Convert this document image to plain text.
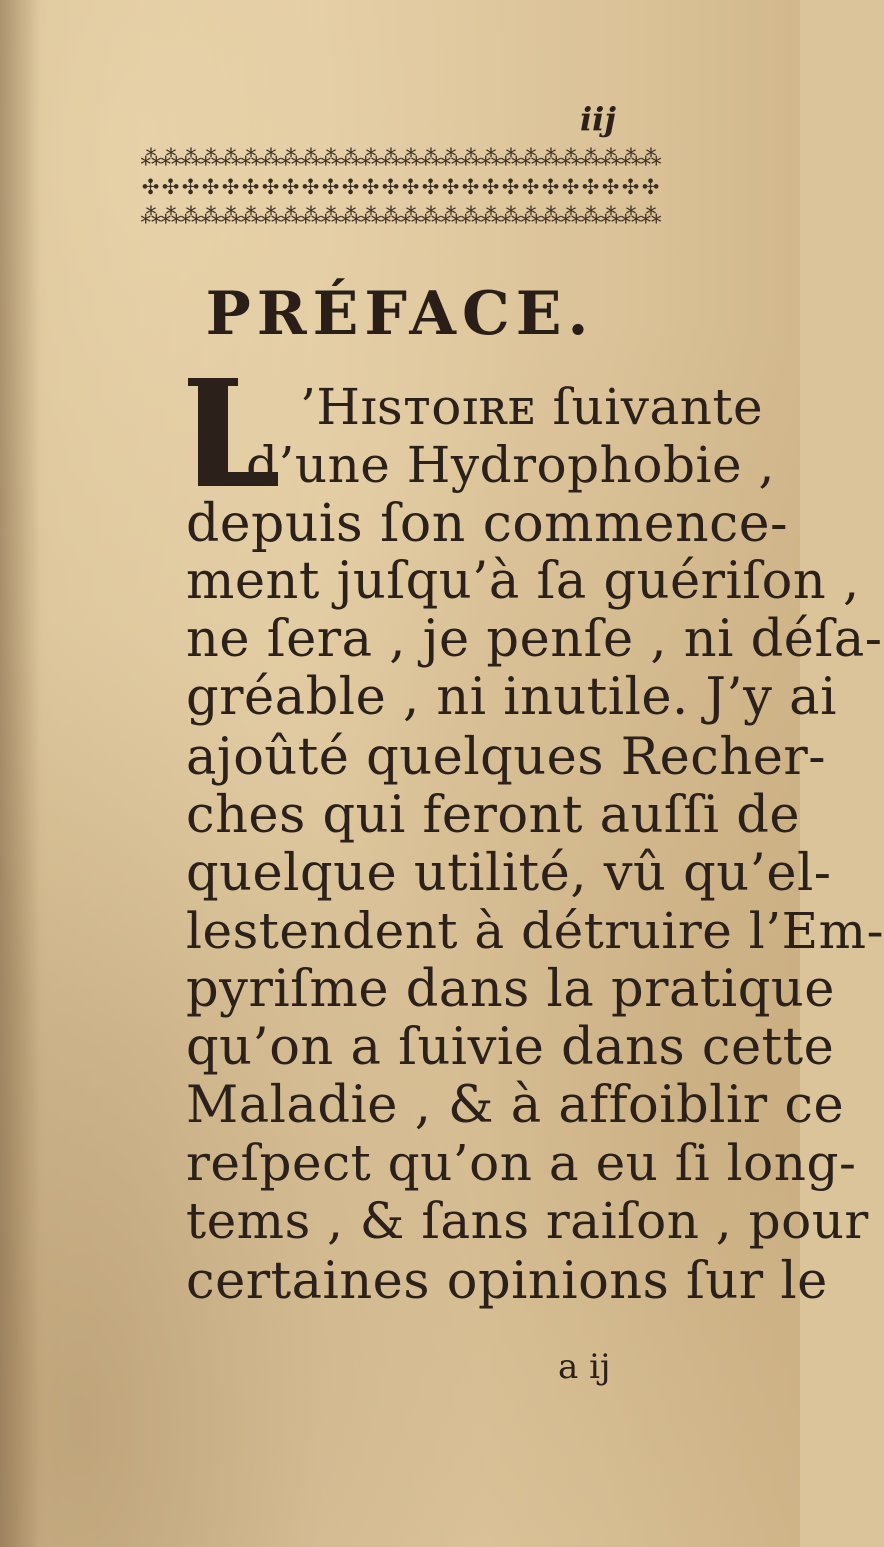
iij
⁂⁂⁂⁂⁂⁂⁂⁂⁂⁂⁂⁂⁂⁂⁂⁂⁂⁂⁂⁂⁂⁂⁂⁂⁂⁂
✣ ✣ ✣ ✣ ✣ ✣ ✣ ✣ ✣ ✣ ✣ ✣ ✣ ✣ ✣ ✣ ✣ ✣ ✣ ✣ ✣ ✣ ✣ ✣ ✣ ✣
⁂⁂⁂⁂⁂⁂⁂⁂⁂⁂⁂⁂⁂⁂⁂⁂⁂⁂⁂⁂⁂⁂⁂⁂⁂⁂
PRÉFACE.
’Hɪsᴛᴏɪʀᴇ ſuivante
d’une Hydrophobie ,
depuis ſon commence-
ment juſqu’à ſa guériſon ,
ne ſera , je penſe , ni déſa-
gréable , ni inutile. J’y ai
ajoûté quelques Recher-
ches qui feront auſſi de
quelque utilité, vû qu’el-
lestendent à détruire l’Em-
pyriſme dans la pratique
qu’on a ſuivie dans cette
Maladie , & à affoiblir ce
reſpect qu’on a eu ſi long-
tems , & ſans raiſon , pour
certaines opinions ſur le
a ij
